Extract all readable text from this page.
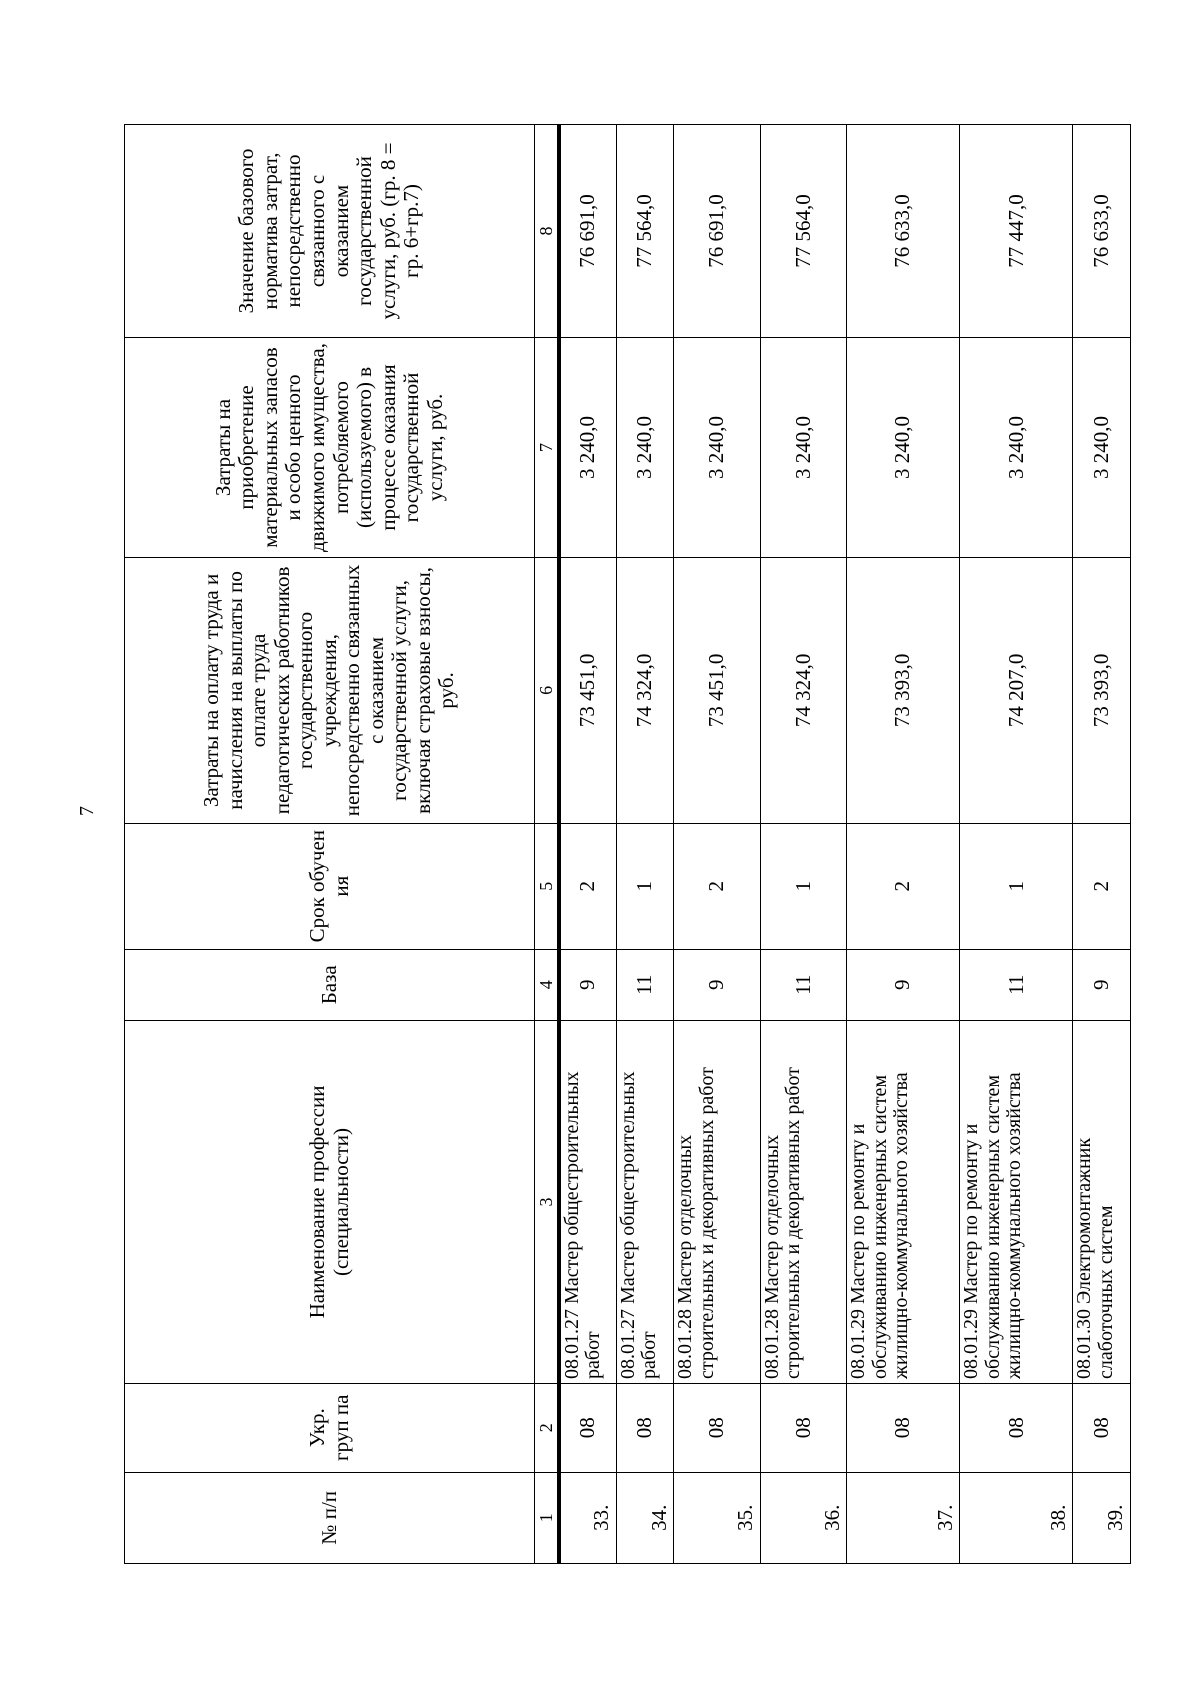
7
№ п/п	Укр. груп па	Наименование профессии (специальности)	База	Срок обучен ия	Затраты на оплату труда и начисления на выплаты по оплате труда педагогических работников государственного учреждения, непосредственно связанных с оказанием государственной услуги, включая страховые взносы, руб.	Затраты на приобретение материальных запасов и особо ценного движимого имущества, потребляемого (используемого) в процессе оказания государственной услуги, руб.	Значение базового норматива затрат, непосредственно связанного с оказанием государственной услуги, руб. (гр. 8 = гр. 6+гр.7)
1	2	3	4	5	6	7	8
33.	08	08.01.27 Мастер общестроительных работ	9	2	73 451,0	3 240,0	76 691,0
34.	08	08.01.27 Мастер общестроительных работ	11	1	74 324,0	3 240,0	77 564,0
35.	08	08.01.28 Мастер отделочных строительных и декоративных работ	9	2	73 451,0	3 240,0	76 691,0
36.	08	08.01.28 Мастер отделочных строительных и декоративных работ	11	1	74 324,0	3 240,0	77 564,0
37.	08	08.01.29 Мастер по ремонту и обслуживанию инженерных систем жилищно-коммунального хозяйства	9	2	73 393,0	3 240,0	76 633,0
38.	08	08.01.29 Мастер по ремонту и обслуживанию инженерных систем жилищно-коммунального хозяйства	11	1	74 207,0	3 240,0	77 447,0
39.	08	08.01.30 Электромонтажник слаботочных систем	9	2	73 393,0	3 240,0	76 633,0
